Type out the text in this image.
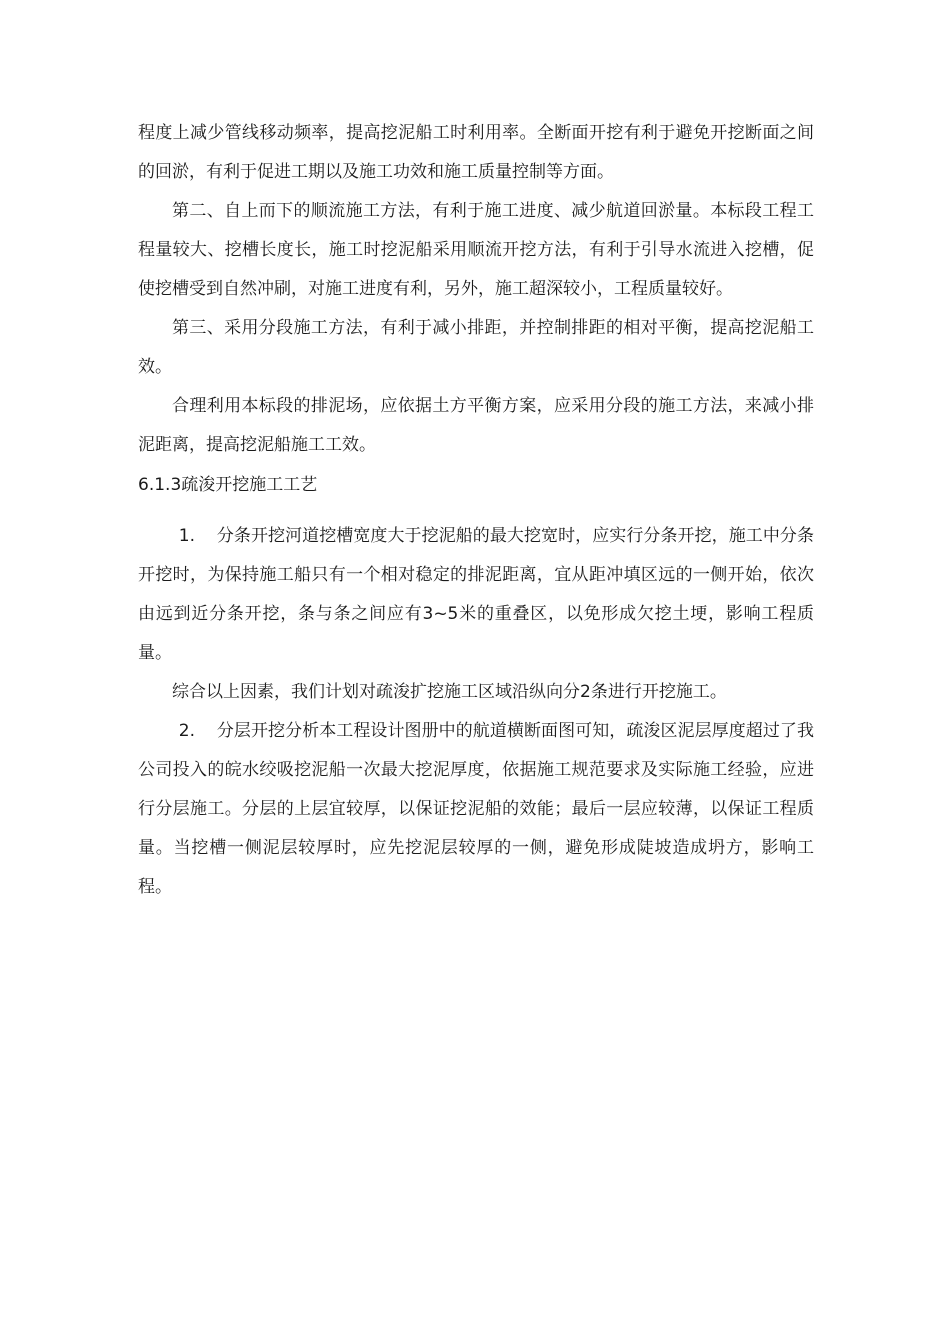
程度上减少管线移动频率，提高挖泥船工时利用率。全断面开挖有利于避免开挖断面之间的回淤，有利于促进工期以及施工功效和施工质量控制等方面。

第二、自上而下的顺流施工方法，有利于施工进度、减少航道回淤量。本标段工程工程量较大、挖槽长度长，施工时挖泥船采用顺流开挖方法，有利于引导水流进入挖槽，促使挖槽受到自然冲刷，对施工进度有利，另外，施工超深较小，工程质量较好。

第三、采用分段施工方法，有利于减小排距，并控制排距的相对平衡，提高挖泥船工效。

合理利用本标段的排泥场，应依据土方平衡方案，应采用分段的施工方法，来减小排泥距离，提高挖泥船施工工效。

6.1.3疏浚开挖施工工艺

1. 分条开挖河道挖槽宽度大于挖泥船的最大挖宽时，应实行分条开挖，施工中分条开挖时，为保持施工船只有一个相对稳定的排泥距离，宜从距冲填区远的一侧开始，依次由远到近分条开挖，条与条之间应有3~5米的重叠区，以免形成欠挖土埂，影响工程质量。

综合以上因素，我们计划对疏浚扩挖施工区域沿纵向分2条进行开挖施工。

2. 分层开挖分析本工程设计图册中的航道横断面图可知，疏浚区泥层厚度超过了我公司投入的皖水绞吸挖泥船一次最大挖泥厚度，依据施工规范要求及实际施工经验，应进行分层施工。分层的上层宜较厚，以保证挖泥船的效能；最后一层应较薄，以保证工程质量。当挖槽一侧泥层较厚时，应先挖泥层较厚的一侧，避免形成陡坡造成坍方，影响工程。
